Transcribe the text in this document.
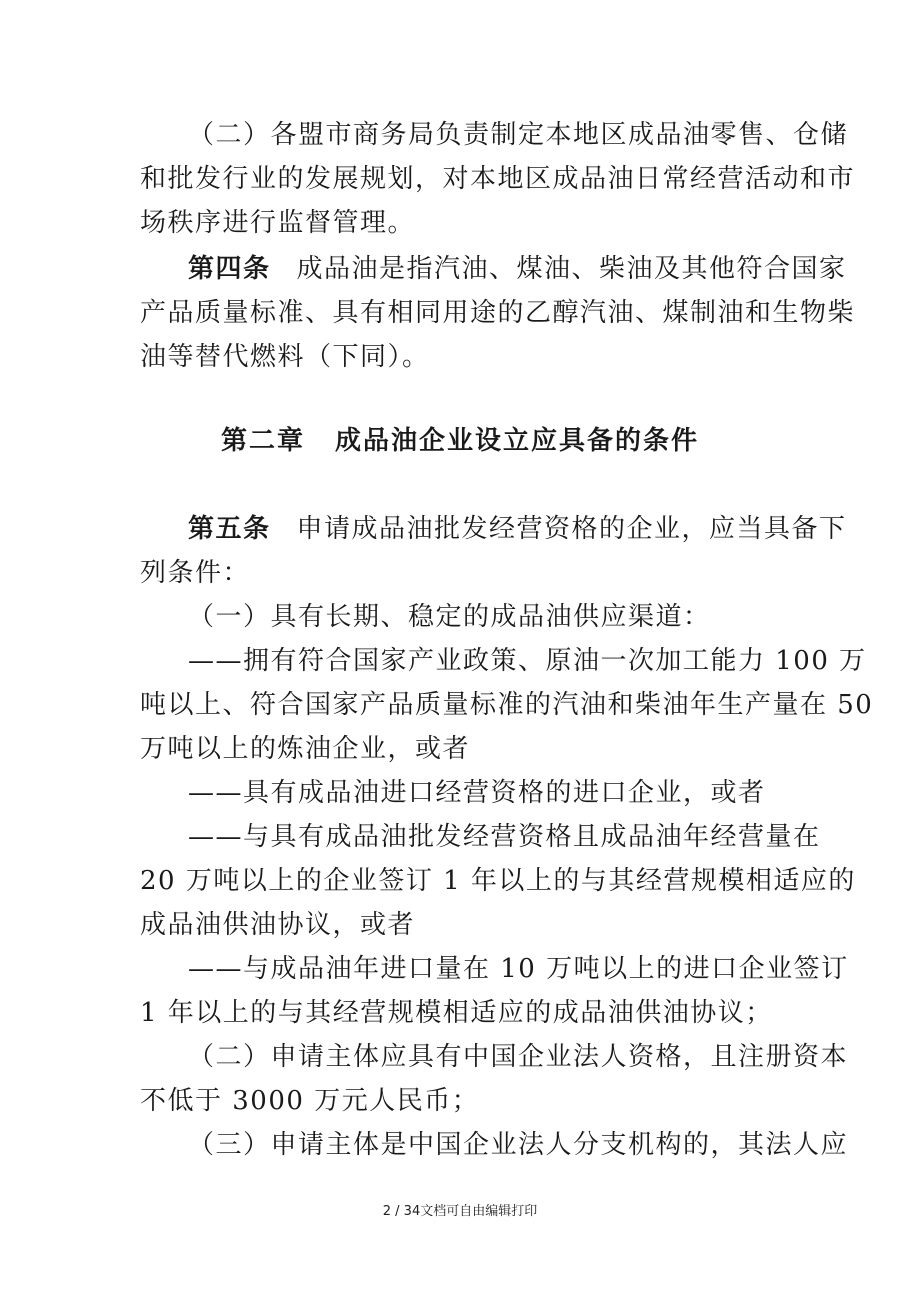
（二）各盟市商务局负责制定本地区成品油零售、仓储
和批发行业的发展规划，对本地区成品油日常经营活动和市
场秩序进行监督管理。
第四条 成品油是指汽油、煤油、柴油及其他符合国家
产品质量标准、具有相同用途的乙醇汽油、煤制油和生物柴
油等替代燃料（下同）。
第二章 成品油企业设立应具备的条件
第五条 申请成品油批发经营资格的企业，应当具备下
列条件：
（一）具有长期、稳定的成品油供应渠道：
——拥有符合国家产业政策、原油一次加工能力 100 万
吨以上、符合国家产品质量标准的汽油和柴油年生产量在 50
万吨以上的炼油企业，或者
——具有成品油进口经营资格的进口企业，或者
——与具有成品油批发经营资格且成品油年经营量在
20 万吨以上的企业签订 1 年以上的与其经营规模相适应的
成品油供油协议，或者
——与成品油年进口量在 10 万吨以上的进口企业签订
1 年以上的与其经营规模相适应的成品油供油协议；
（二）申请主体应具有中国企业法人资格，且注册资本
不低于 3000 万元人民币；
（三）申请主体是中国企业法人分支机构的，其法人应
2 / 34文档可自由编辑打印
